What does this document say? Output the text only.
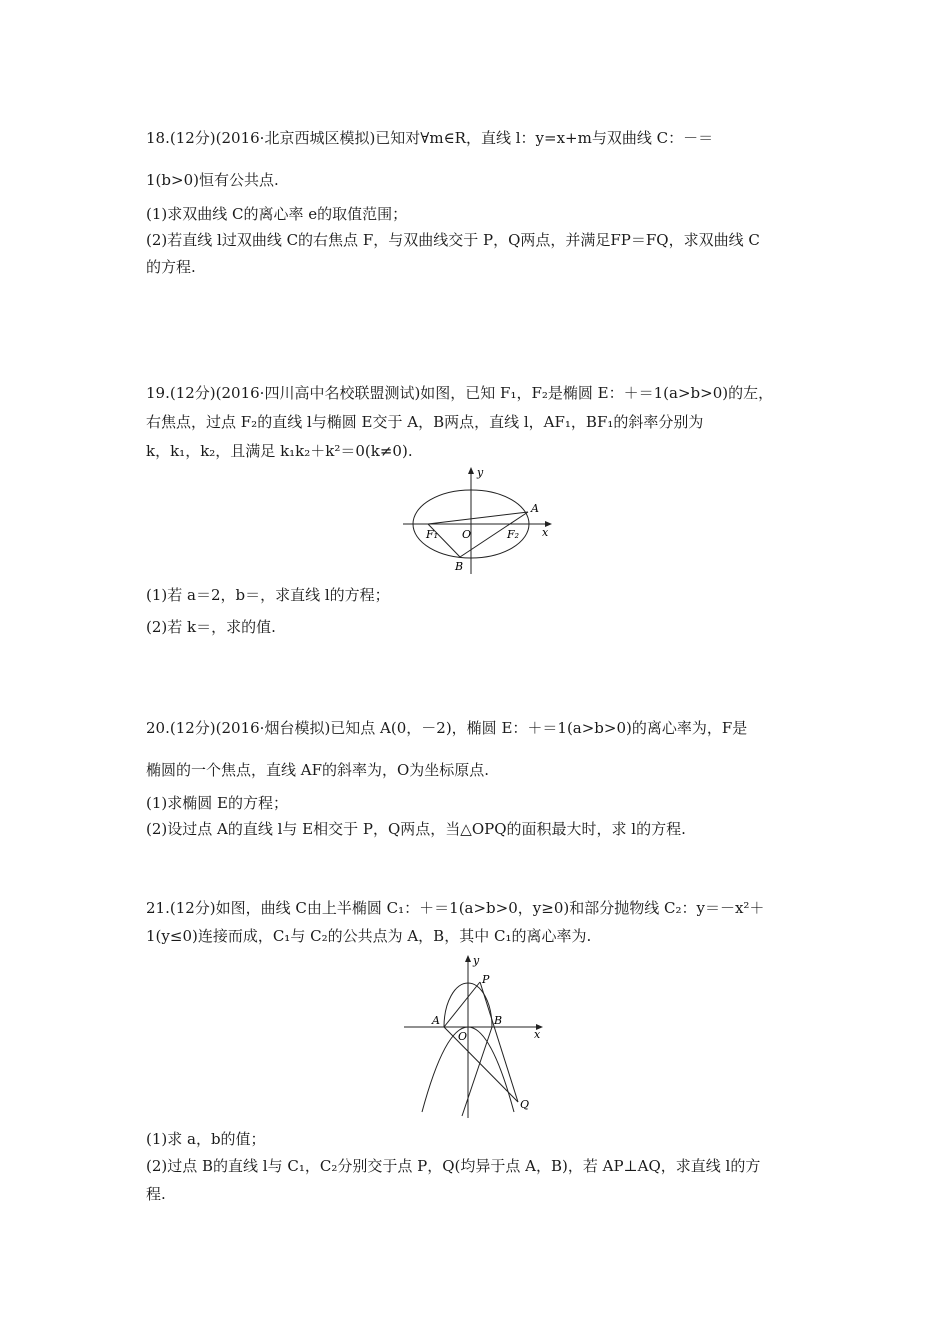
18.(12分)(2016·北京西城区模拟)已知对∀m∈R，直线 l：y=x+m与双曲线 C：－＝
1(b>0)恒有公共点.
(1)求双曲线 C的离心率 e的取值范围；
(2)若直线 l过双曲线 C的右焦点 F，与双曲线交于 P，Q两点，并满足FP＝FQ，求双曲线 C
的方程.
19.(12分)(2016·四川高中名校联盟测试)如图，已知 F₁，F₂是椭圆 E：＋＝1(a>b>0)的左，
右焦点，过点 F₂的直线 l与椭圆 E交于 A，B两点，直线 l，AF₁，BF₁的斜率分别为
k，k₁，k₂，且满足 k₁k₂＋k²＝0(k≠0).
y
x
A
B
O
F₁	F₂
(1)若 a＝2，b＝，求直线 l的方程；
(2)若 k＝，求的值.
20.(12分)(2016·烟台模拟)已知点 A(0，－2)，椭圆 E：＋＝1(a>b>0)的离心率为，F是
椭圆的一个焦点，直线 AF的斜率为，O为坐标原点.
(1)求椭圆 E的方程；
(2)设过点 A的直线 l与 E相交于 P，Q两点，当△OPQ的面积最大时，求 l的方程.
21.(12分)如图，曲线 C由上半椭圆 C₁：＋＝1(a>b>0，y≥0)和部分抛物线 C₂：y＝－x²＋
1(y≤0)连接而成，C₁与 C₂的公共点为 A，B，其中 C₁的离心率为.
y
x
P
A	B
O
Q
(1)求 a，b的值；
(2)过点 B的直线 l与 C₁，C₂分别交于点 P，Q(均异于点 A，B)，若 AP⊥AQ，求直线 l的方
程.
